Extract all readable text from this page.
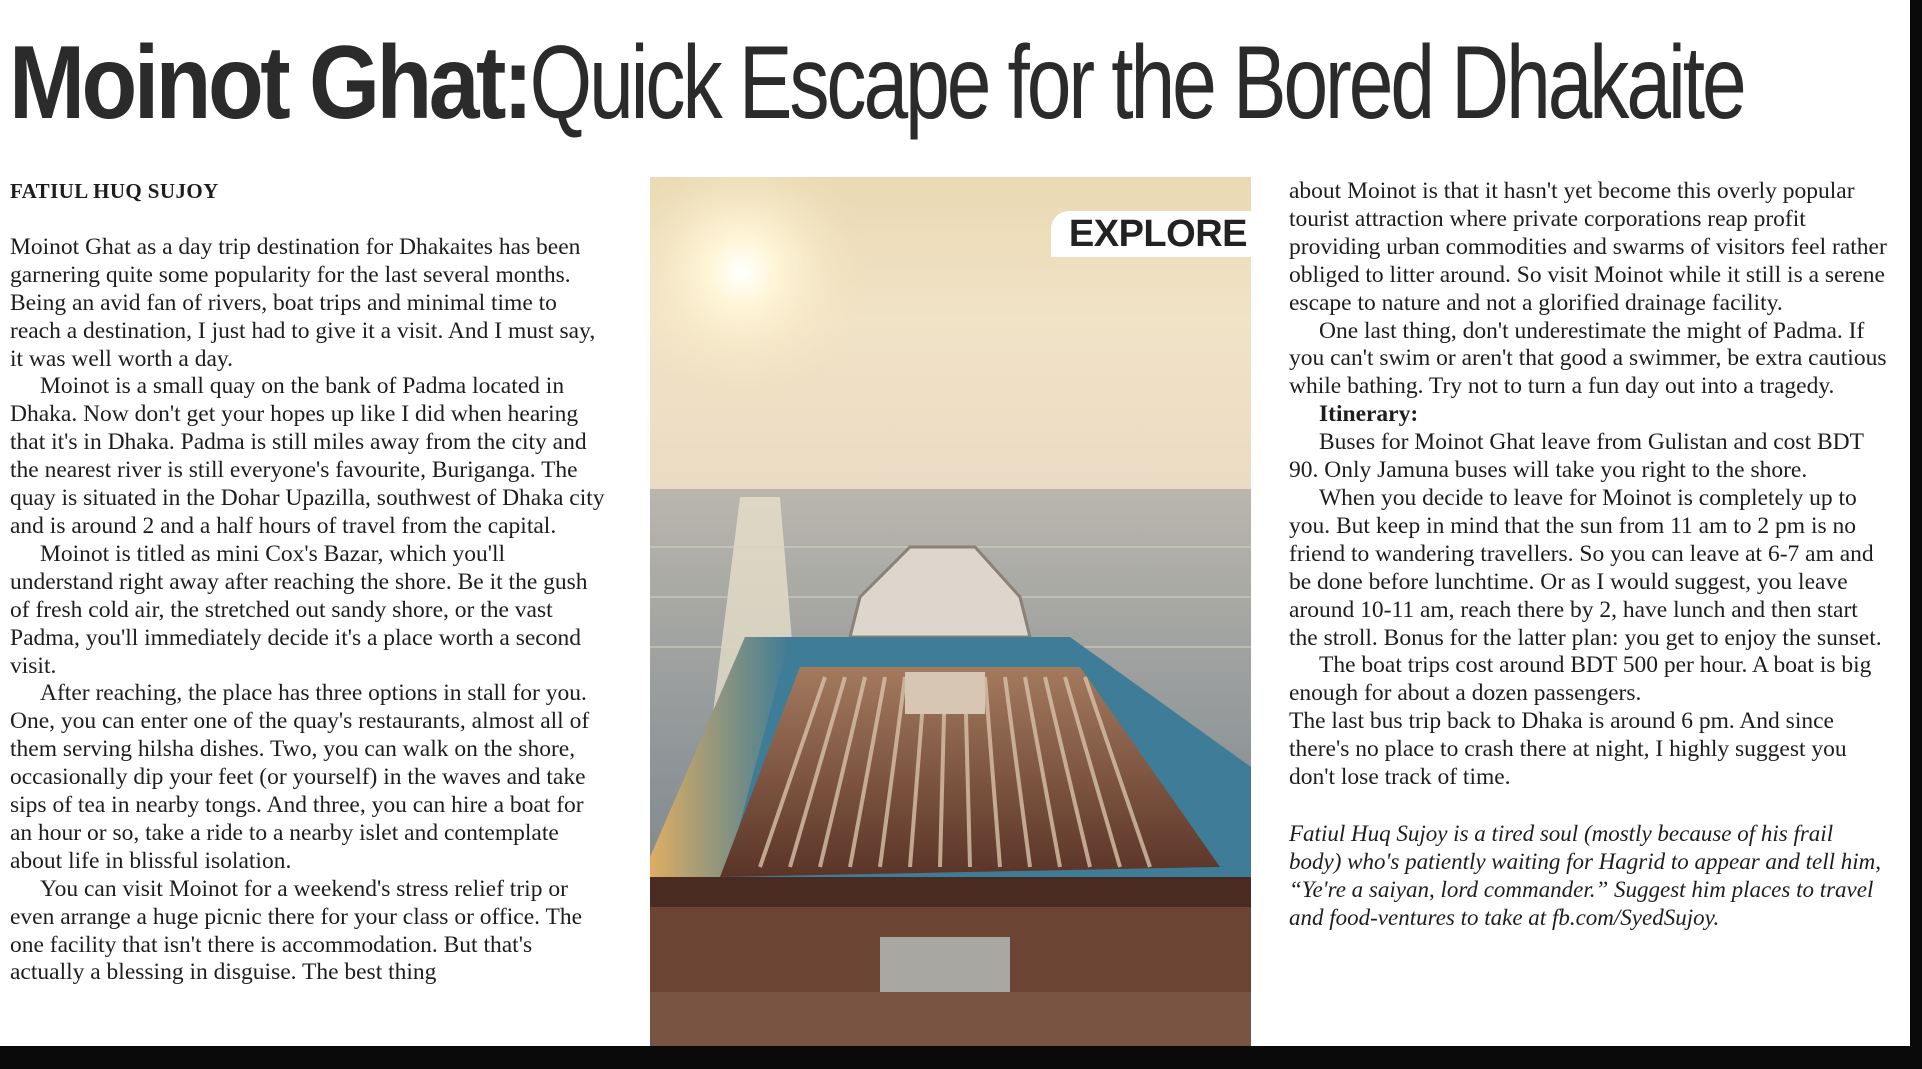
Moinot Ghat:Quick Escape for the Bored Dhakaite

FATIUL HUQ SUJOY

Moinot Ghat as a day trip destination for Dhakaites has been garnering quite some popularity for the last several months. Being an avid fan of rivers, boat trips and minimal time to reach a destination, I just had to give it a visit. And I must say, it was well worth a day.

Moinot is a small quay on the bank of Padma located in Dhaka. Now don't get your hopes up like I did when hearing that it's in Dhaka. Padma is still miles away from the city and the nearest river is still everyone's favourite, Buriganga. The quay is situated in the Dohar Upazilla, southwest of Dhaka city and is around 2 and a half hours of travel from the capital.

Moinot is titled as mini Cox's Bazar, which you'll understand right away after reaching the shore. Be it the gush of fresh cold air, the stretched out sandy shore, or the vast Padma, you'll immediately decide it's a place worth a second visit.

After reaching, the place has three options in stall for you. One, you can enter one of the quay's restaurants, almost all of them serving hilsha dishes. Two, you can walk on the shore, occasionally dip your feet (or yourself) in the waves and take sips of tea in nearby tongs. And three, you can hire a boat for an hour or so, take a ride to a nearby islet and contemplate about life in blissful isolation.

You can visit Moinot for a weekend's stress relief trip or even arrange a huge picnic there for your class or office. The one facility that isn't there is accommodation. But that's actually a blessing in disguise. The best thing

EXPLORE

about Moinot is that it hasn't yet become this overly popular tourist attraction where private corporations reap profit providing urban commodities and swarms of visitors feel rather obliged to litter around. So visit Moinot while it still is a serene escape to nature and not a glorified drainage facility.

One last thing, don't underestimate the might of Padma. If you can't swim or aren't that good a swimmer, be extra cautious while bathing. Try not to turn a fun day out into a tragedy.

Itinerary:

Buses for Moinot Ghat leave from Gulistan and cost BDT 90. Only Jamuna buses will take you right to the shore.

When you decide to leave for Moinot is completely up to you. But keep in mind that the sun from 11 am to 2 pm is no friend to wandering travellers. So you can leave at 6-7 am and be done before lunchtime. Or as I would suggest, you leave around 10-11 am, reach there by 2, have lunch and then start the stroll. Bonus for the latter plan: you get to enjoy the sunset.

The boat trips cost around BDT 500 per hour. A boat is big enough for about a dozen passengers.

The last bus trip back to Dhaka is around 6 pm. And since there's no place to crash there at night, I highly suggest you don't lose track of time.

Fatiul Huq Sujoy is a tired soul (mostly because of his frail body) who's patiently waiting for Hagrid to appear and tell him, “Ye're a saiyan, lord commander.” Suggest him places to travel and food-ventures to take at fb.com/SyedSujoy.
